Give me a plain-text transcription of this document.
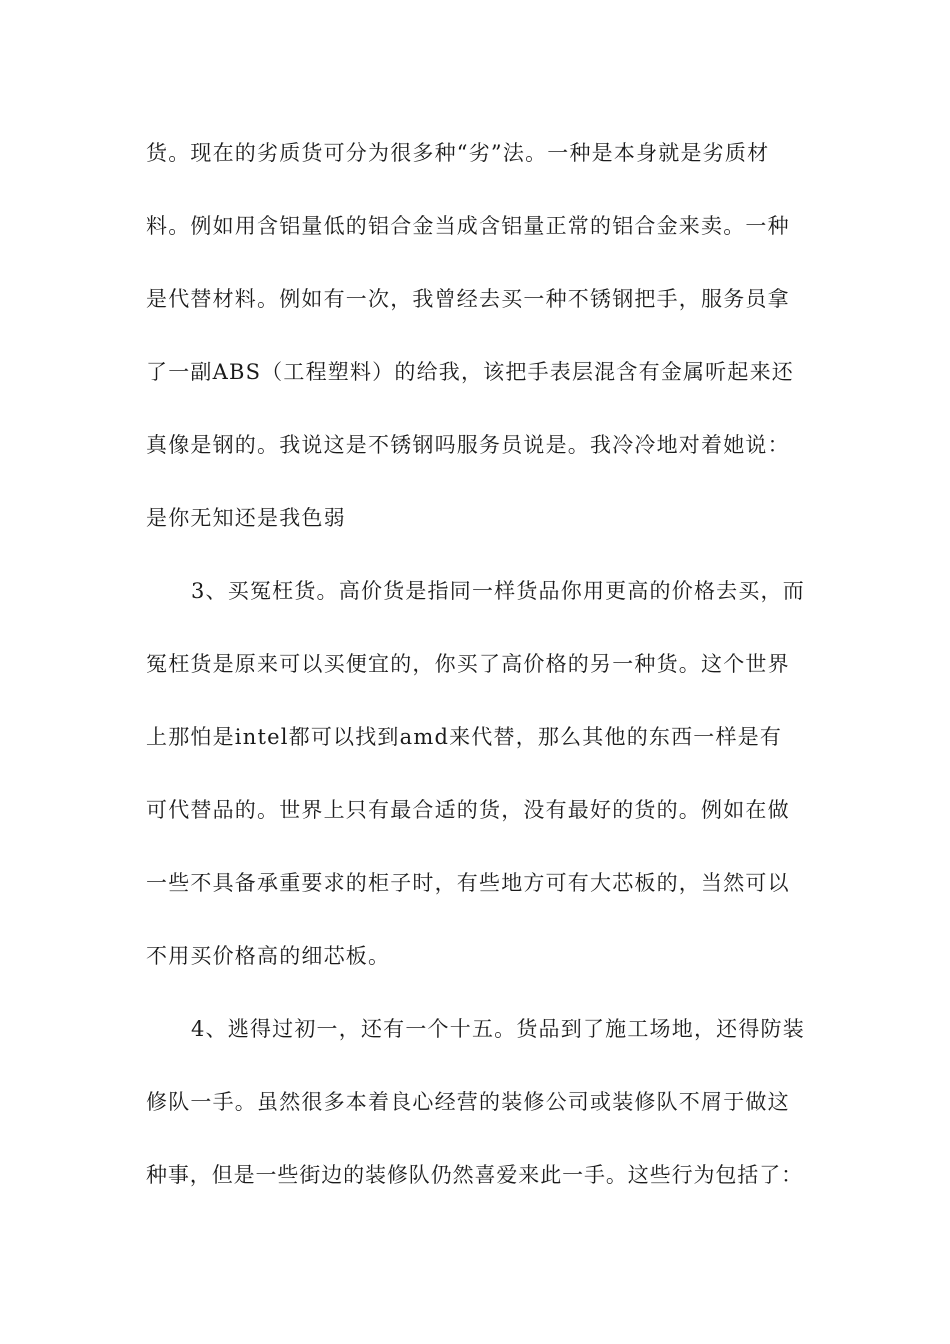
货。现在的劣质货可分为很多种“劣”法。一种是本身就是劣质材
料。例如用含铝量低的铝合金当成含铝量正常的铝合金来卖。一种
是代替材料。例如有一次，我曾经去买一种不锈钢把手，服务员拿
了一副ABS（工程塑料）的给我，该把手表层混含有金属听起来还
真像是钢的。我说这是不锈钢吗服务员说是。我冷冷地对着她说：
是你无知还是我色弱
3、买冤枉货。高价货是指同一样货品你用更高的价格去买，而
冤枉货是原来可以买便宜的，你买了高价格的另一种货。这个世界
上那怕是intel都可以找到amd来代替，那么其他的东西一样是有
可代替品的。世界上只有最合适的货，没有最好的货的。例如在做
一些不具备承重要求的柜子时，有些地方可有大芯板的，当然可以
不用买价格高的细芯板。
4、逃得过初一，还有一个十五。货品到了施工场地，还得防装
修队一手。虽然很多本着良心经营的装修公司或装修队不屑于做这
种事，但是一些街边的装修队仍然喜爱来此一手。这些行为包括了：
